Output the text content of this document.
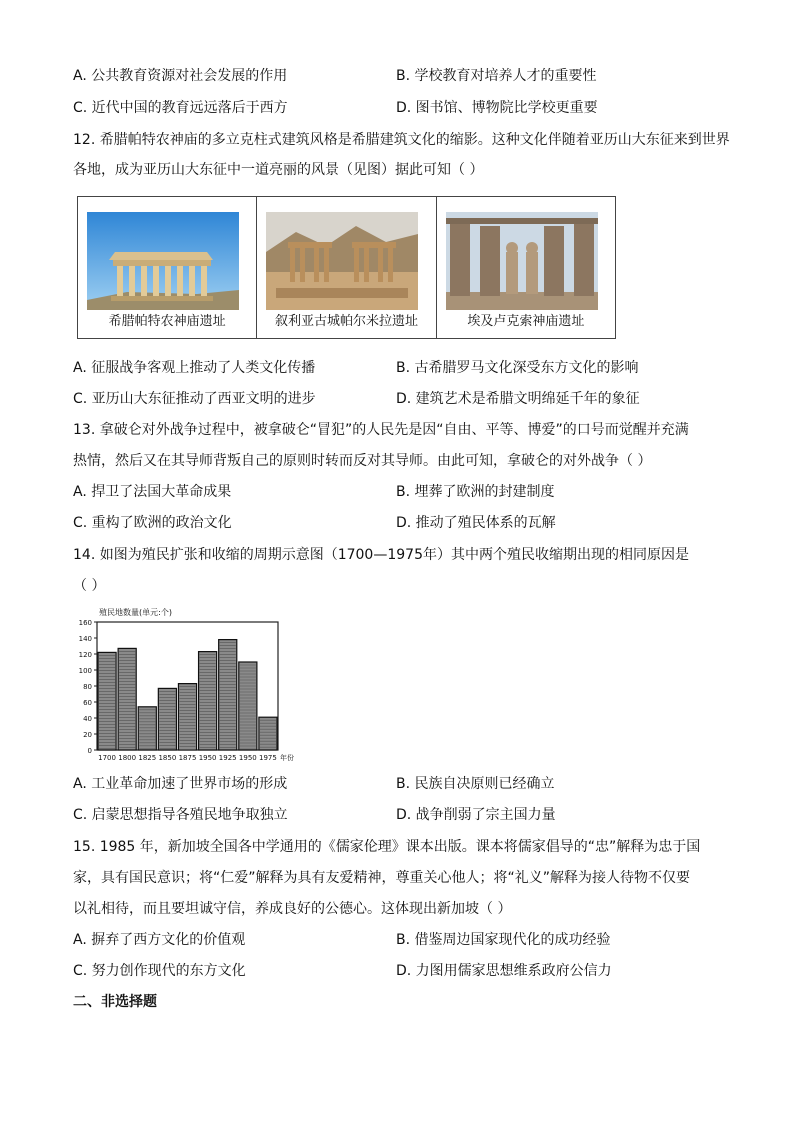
A. 公共教育资源对社会发展的作用	B. 学校教育对培养人才的重要性
C. 近代中国的教育远远落后于西方	D. 图书馆、博物院比学校更重要
12. 希腊帕特农神庙的多立克柱式建筑风格是希腊建筑文化的缩影。这种文化伴随着亚历山大东征来到世界
各地，成为亚历山大东征中一道亮丽的风景（见图）据此可知（ ）
希腊帕特农神庙遗址	叙利亚古城帕尔米拉遗址	埃及卢克索神庙遗址
A. 征服战争客观上推动了人类文化传播	B. 古希腊罗马文化深受东方文化的影响
C. 亚历山大东征推动了西亚文明的进步	D. 建筑艺术是希腊文明绵延千年的象征
13. 拿破仑对外战争过程中，被拿破仑“冒犯”的人民先是因“自由、平等、博爱”的口号而觉醒并充满
热情，然后又在其导师背叛自己的原则时转而反对其导师。由此可知，拿破仑的对外战争（ ）
A. 捍卫了法国大革命成果	B. 埋葬了欧洲的封建制度
C. 重构了欧洲的政治文化	D. 推动了殖民体系的瓦解
14. 如图为殖民扩张和收缩的周期示意图（1700—1975年）其中两个殖民收缩期出现的相同原因是
（ ）
殖民地数量(单元:个)
0
20
40
60
80
100
120
140
160
1700 1800 1825 1850 1875 1950 1925 1950 1975 年份
A. 工业革命加速了世界市场的形成	B. 民族自决原则已经确立
C. 启蒙思想指导各殖民地争取独立	D. 战争削弱了宗主国力量
15. 1985 年，新加坡全国各中学通用的《儒家伦理》课本出版。课本将儒家倡导的“忠”解释为忠于国
家，具有国民意识；将“仁爱”解释为具有友爱精神，尊重关心他人；将“礼义”解释为接人待物不仅要
以礼相待，而且要坦诚守信，养成良好的公德心。这体现出新加坡（ ）
A. 摒弃了西方文化的价值观	B. 借鉴周边国家现代化的成功经验
C. 努力创作现代的东方文化	D. 力图用儒家思想维系政府公信力
二、非选择题
